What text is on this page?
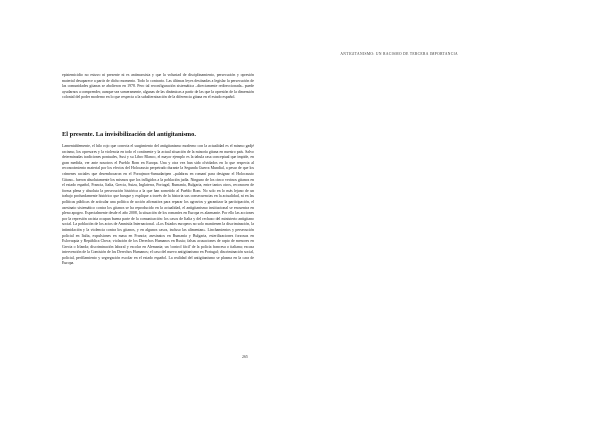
ANTIGITANISMO: UN RACISMO DE TERCERA IMPORTANCIA

epistemicidio no estuvo ni presente ni es antimarxista y que la voluntad de disciplinamiento, persecución y opresión material desaparece a partir de dicho momento. Todo lo contrario. Las últimas leyes destinadas a legislar la persecución de las comunidades gitanas se abolieron en 1978. Pero tal reconfiguración sistemática –directamente redireccionada– puede ayudarnos a comprender, aunque sea someramente, algunas de las dinámicas a partir de las que la opresión de la dimensión colonial del poder moderno en lo que respecta a la subalternización de la diferencia gitana en el estado español.

El presente. La invisibilización del antigitanismo.

Lamentablemente, el hilo rojo que conecta el surgimiento del antigitanismo moderno con la actualidad es el mismo gadjé racismo, los opresores y la violencia en todo el continente y la actual situación de la minoría gitana en nuestro país. Salvo determinadas tradiciones pontuales, Susi y su Libro Blanco, el mayor ejemplo es la tabula rasa conceptual que impide, en gran medida, ver ante nosotros el Pueblo Rom en Europa. Una y otra vez han sido olvidados en lo que respecta al reconocimiento material por los efectos del Holocausto perpetrado durante la Segunda Guerra Mundial, a pesar de que los crímenes raciales que desembocaron en el Porrajmos-Samudaripen –palabras en romaní para designar el Holocausto Gitano– fueron absolutamente los mismos que los infligidos a la población judía. Ninguno de los cinco vecinos gitanos en el estado español, Francia, Italia, Grecia, Suiza, Inglaterra, Portugal, Rumanía, Bulgaria, entre tantos otros, reconocen de forma plena y absoluta la persecución histórica a la que han sometido al Pueblo Rom. No solo en lo más lejano de un trabajo profundamente histórico que busque y explique a través de la historia sus consecuencias en la actualidad, ni en las políticas públicas de articular una política de acción afirmativa para reparar los agravios y garantizar la participación, el asesinato sistemático contra los gitanos se ha reproducido en la actualidad, el antigitanismo institucional se encuentra en pleno apogeo. Especialmente desde el año 2008, la situación de los romaníes en Europa es alarmante. Por ello las acciones por la represión racista ocupan buena parte de la comunicación: los casos de Italia y del rechazo del ministerio antigitano social. La población de los actos de Amnistía Internacional. «Los Estados europeos no solo mantienen la discriminación, la intimidación y la violencia contra los gitanos, y en algunos casos, incluso las alimentan». Linchamientos y persecución policial en Italia, expulsiones en masa en Francia; asesinatos en Rumanía y Bulgaria, esterilizaciones forzosas en Eslovaquia y República Checa; violación de los Derechos Humanos en Rusia; falsas acusaciones de rapto de menores en Grecia o Irlanda; discriminación laboral y escolar en Alemania; un 'control fácil' de la policía francesa o italiana; escasa intervención de la Comisión de los Derechos Humanos; el caso del nuevo antigitanismo en Portugal; discriminación social, policial, perfilamiento y segregación escolar en el estado español. La realidad del antigitanismo se plasma en la cara de Europa.

265
